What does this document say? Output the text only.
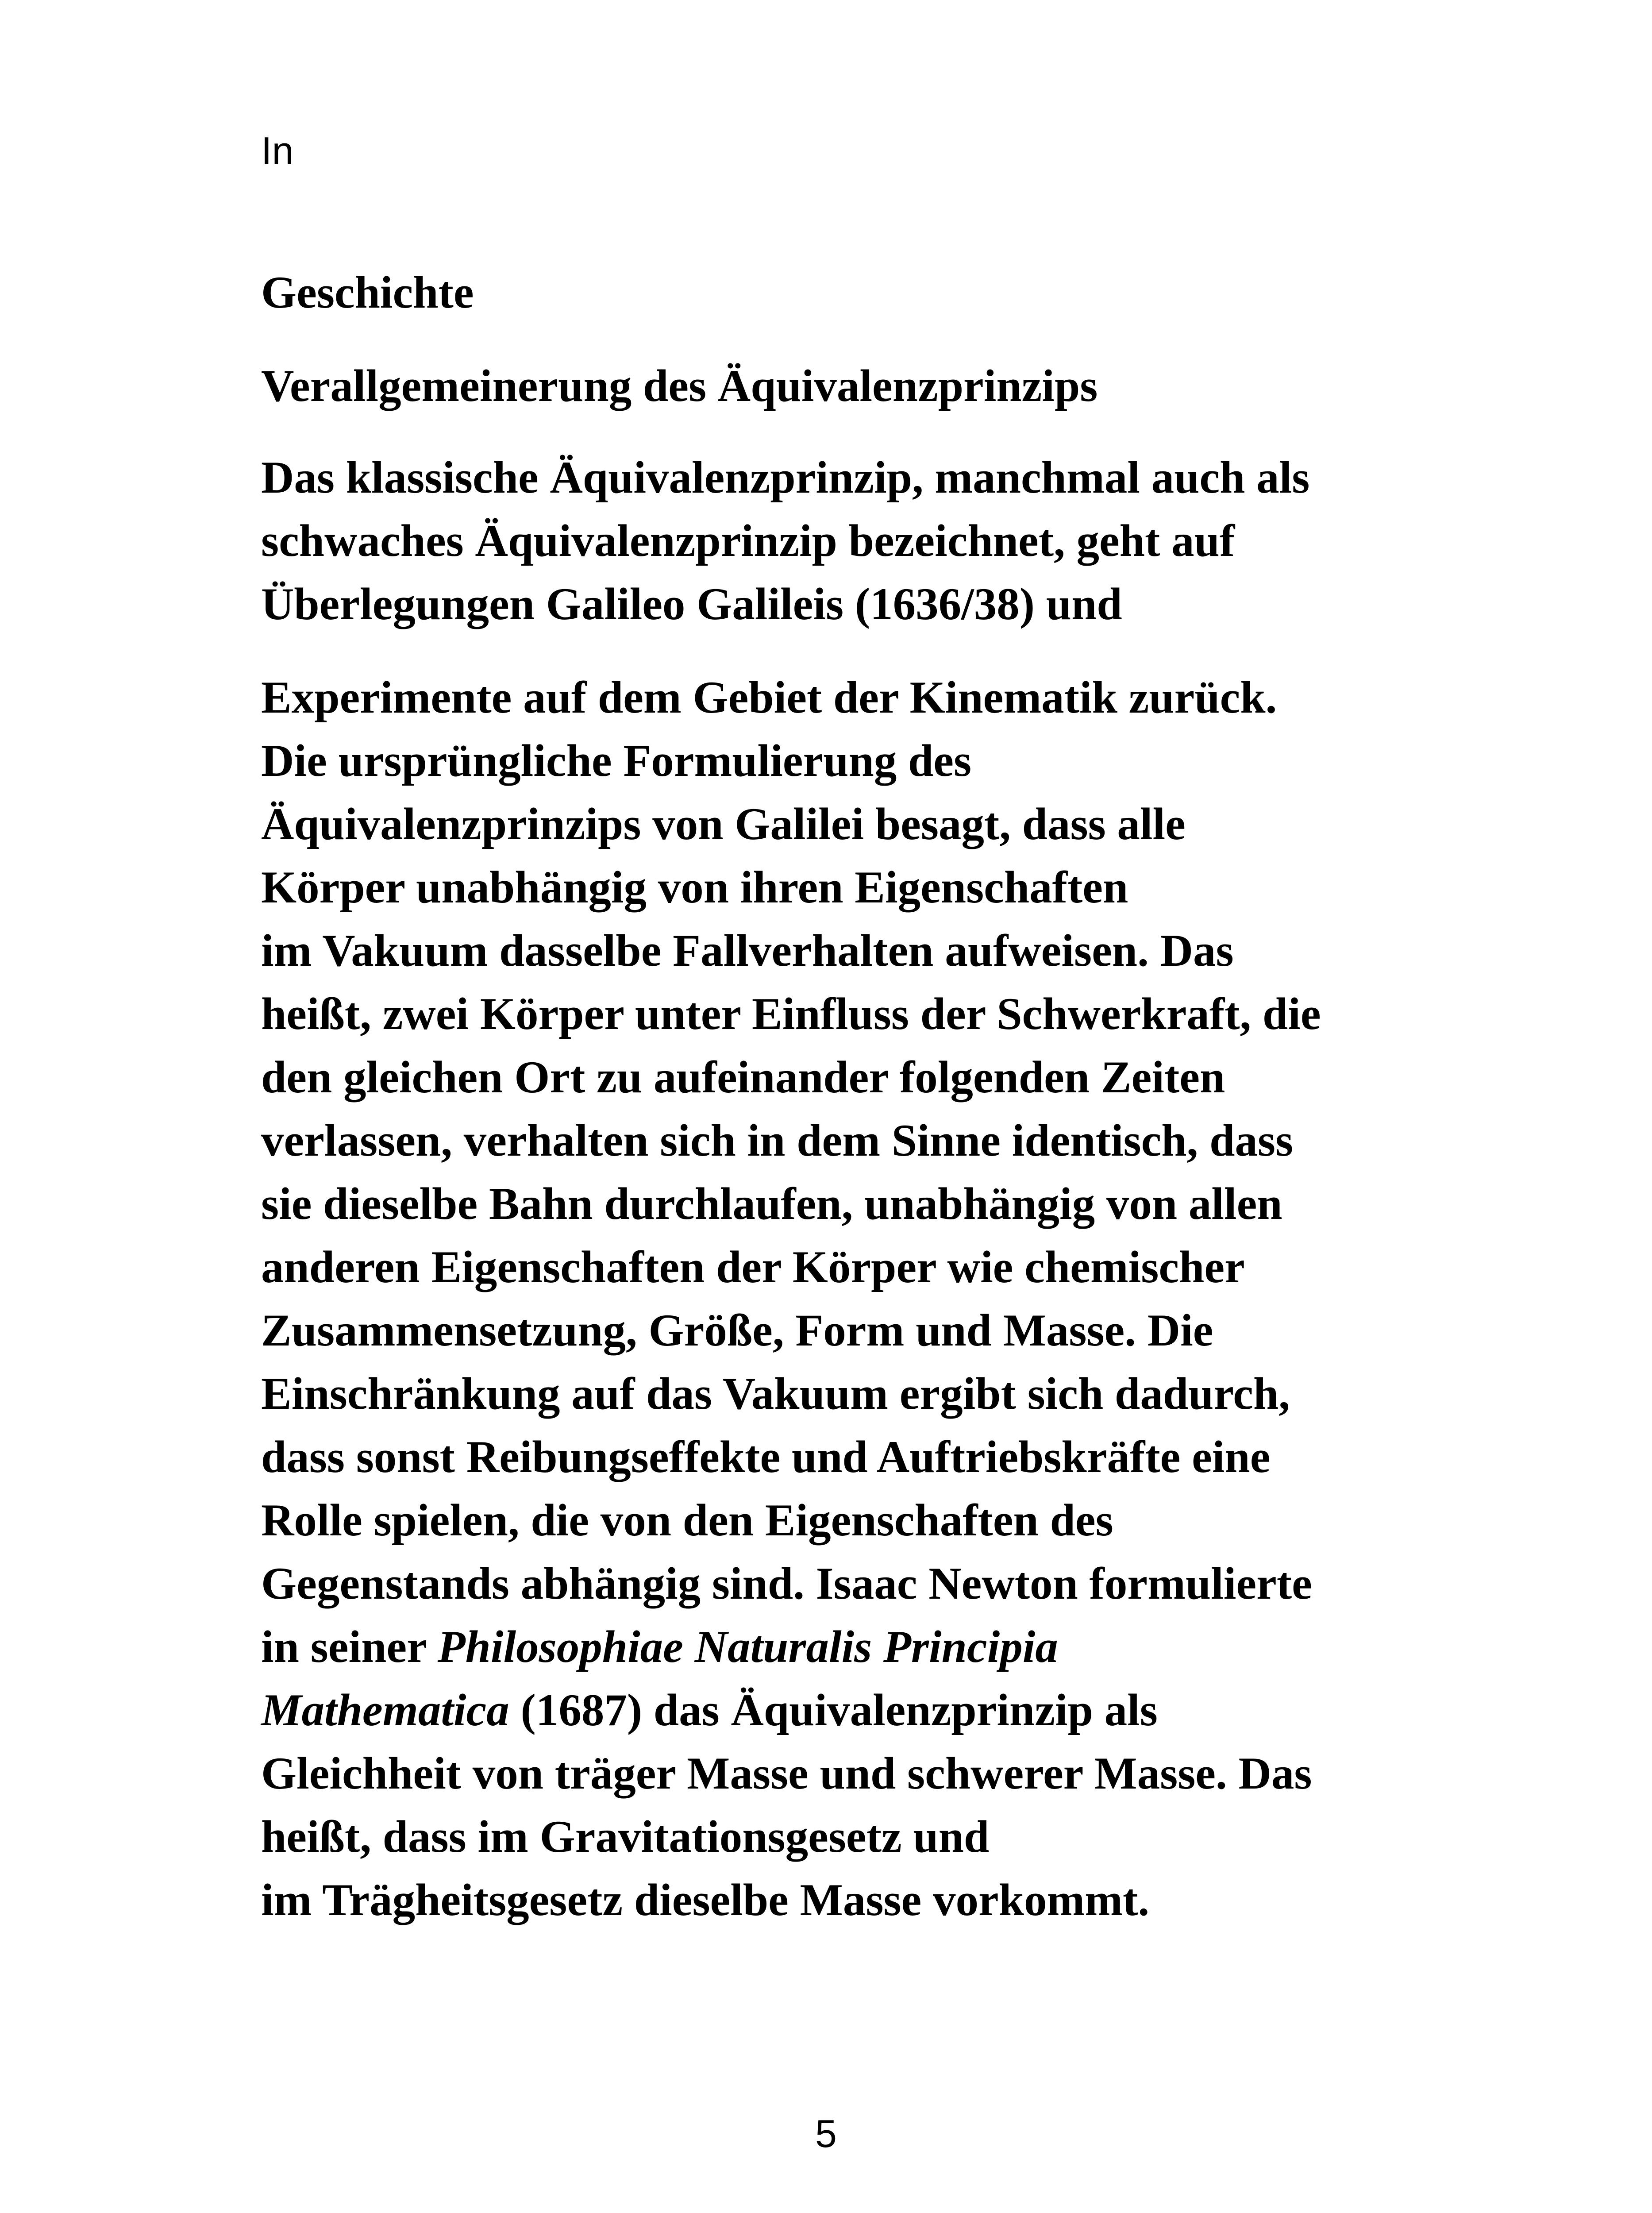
In
Geschichte
Verallgemeinerung des Äquivalenzprinzips
Das klassische Äquivalenzprinzip, manchmal auch als
schwaches Äquivalenzprinzip bezeichnet, geht auf
Überlegungen Galileo Galileis (1636/38) und
Experimente auf dem Gebiet der Kinematik zurück.
Die ursprüngliche Formulierung des
Äquivalenzprinzips von Galilei besagt, dass alle
Körper unabhängig von ihren Eigenschaften
im Vakuum dasselbe Fallverhalten aufweisen. Das
heißt, zwei Körper unter Einfluss der Schwerkraft, die
den gleichen Ort zu aufeinander folgenden Zeiten
verlassen, verhalten sich in dem Sinne identisch, dass
sie dieselbe Bahn durchlaufen, unabhängig von allen
anderen Eigenschaften der Körper wie chemischer
Zusammensetzung, Größe, Form und Masse. Die
Einschränkung auf das Vakuum ergibt sich dadurch,
dass sonst Reibungseffekte und Auftriebskräfte eine
Rolle spielen, die von den Eigenschaften des
Gegenstands abhängig sind. Isaac Newton formulierte
in seiner Philosophiae Naturalis Principia
Mathematica (1687) das Äquivalenzprinzip als
Gleichheit von träger Masse und schwerer Masse. Das
heißt, dass im Gravitationsgesetz und
im Trägheitsgesetz dieselbe Masse vorkommt.
5
